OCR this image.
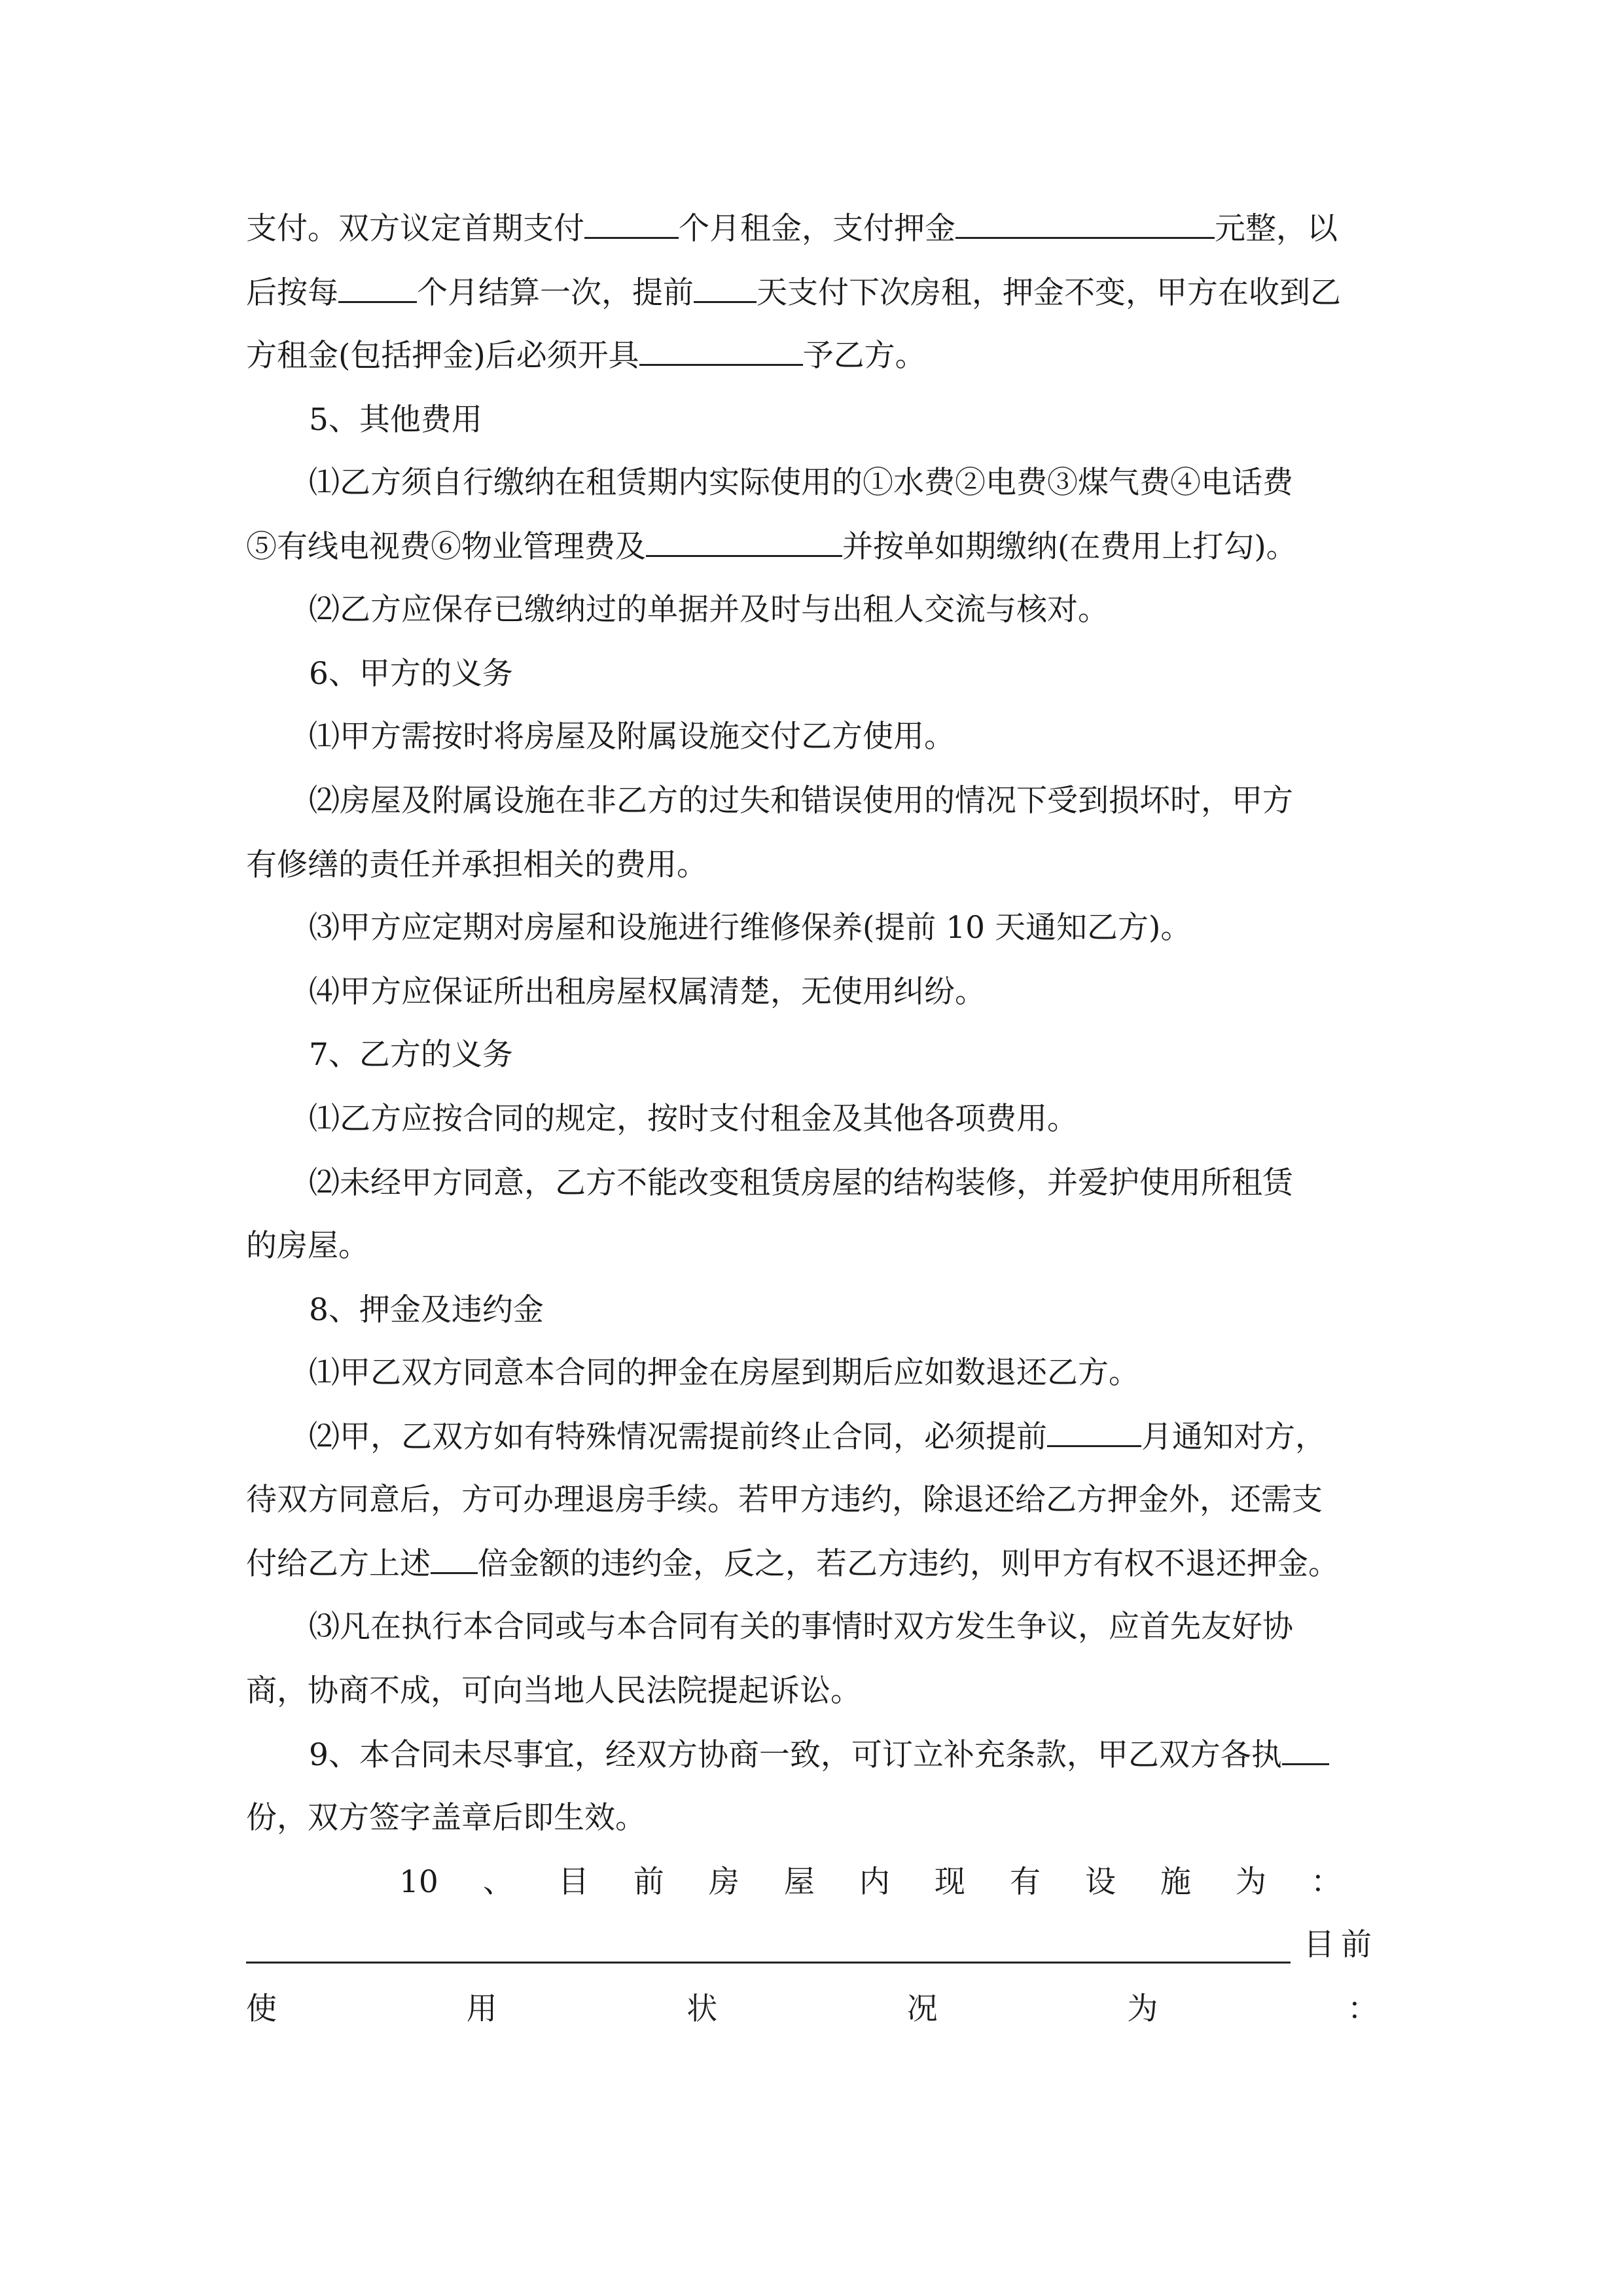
支付。双方议定首期支付	个月租金，支付押金	元整，以
后按每	个月结算一次，提前 天支付下次房租，押金不变，甲方在收到乙
方租金(包括押金)后必须开具	予乙方。
5、其他费用
⑴乙方须自行缴纳在租赁期内实际使用的①水费②电费③煤气费④电话费
⑤有线电视费⑥物业管理费及	并按单如期缴纳(在费用上打勾)。
⑵乙方应保存已缴纳过的单据并及时与出租人交流与核对。
6、甲方的义务
⑴甲方需按时将房屋及附属设施交付乙方使用。
⑵房屋及附属设施在非乙方的过失和错误使用的情况下受到损坏时，甲方
有修缮的责任并承担相关的费用。
⑶甲方应定期对房屋和设施进行维修保养(提前 10 天通知乙方)。
⑷甲方应保证所出租房屋权属清楚，无使用纠纷。
7、乙方的义务
⑴乙方应按合同的规定，按时支付租金及其他各项费用。
⑵未经甲方同意，乙方不能改变租赁房屋的结构装修，并爱护使用所租赁
的房屋。
8、押金及违约金
⑴甲乙双方同意本合同的押金在房屋到期后应如数退还乙方。
⑵甲，乙双方如有特殊情况需提前终止合同，必须提前	月通知对方，
待双方同意后，方可办理退房手续。若甲方违约，除退还给乙方押金外，还需支
付给乙方上述 倍金额的违约金，反之，若乙方违约，则甲方有权不退还押金。
⑶凡在执行本合同或与本合同有关的事情时双方发生争议，应首先友好协
商，协商不成，可向当地人民法院提起诉讼。
9、本合同未尽事宜，经双方协商一致，可订立补充条款，甲乙双方各执
份，双方签字盖章后即生效。
10 、 目 前 房 屋 内 现 有 设 施 为 ：
目前
使	用	状	况	为	：
